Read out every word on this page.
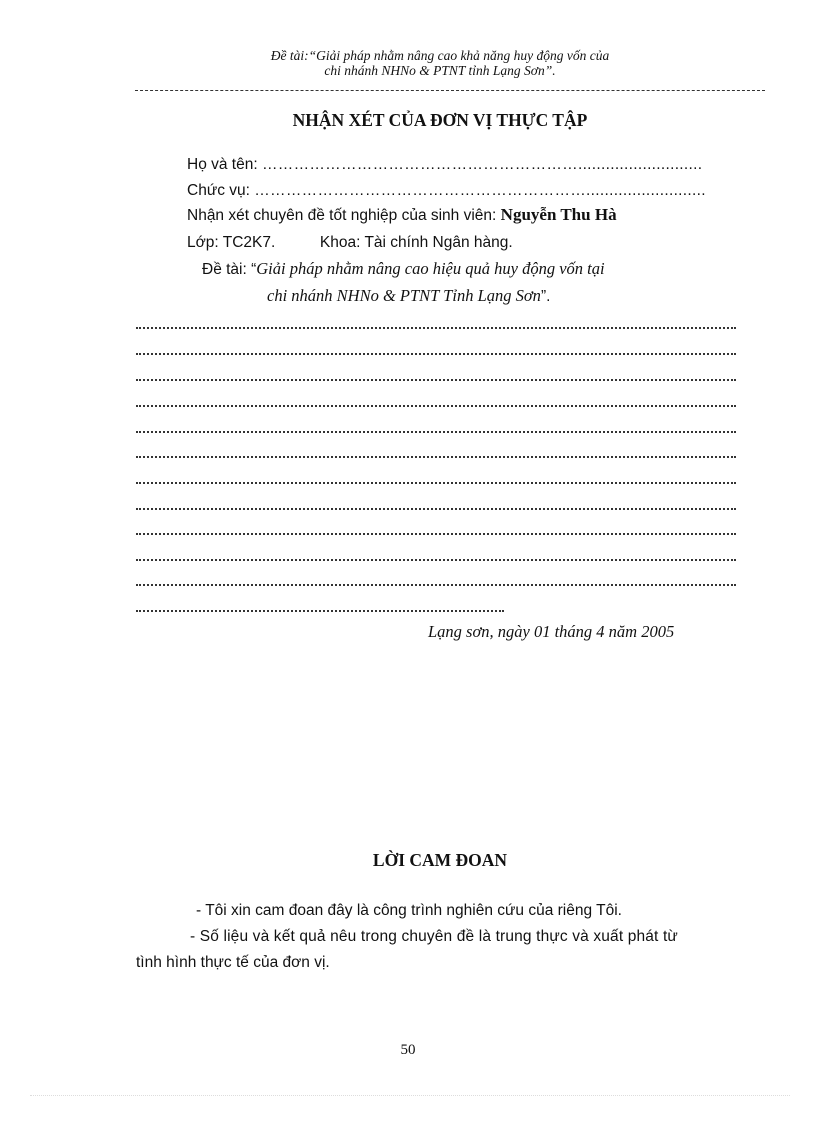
Đề tài:“Giải pháp nhằm nâng cao khả năng huy động vốn của
chi nhánh NHNo & PTNT tỉnh Lạng Sơn”.
NHẬN XÉT CỦA ĐƠN VỊ THỰC TẬP
Họ và tên: ……………………………………………………...........................
Chức vụ: ………………………………………………………..........................
Nhận xét chuyên đề tốt nghiệp của sinh viên: Nguyễn Thu Hà
Lớp: TC2K7.	Khoa: Tài chính Ngân hàng.
Đề tài: “Giải pháp nhằm nâng cao hiệu quả huy động vốn tại
chi nhánh NHNo & PTNT Tỉnh Lạng Sơn”.
Lạng sơn, ngày 01 tháng 4 năm 2005
LỜI CAM ĐOAN
- Tôi xin cam đoan đây là công trình nghiên cứu của riêng Tôi.
- Số liệu và kết quả nêu trong chuyên đề là trung thực và xuất phát từ
tình hình thực tế của đơn vị.
50
